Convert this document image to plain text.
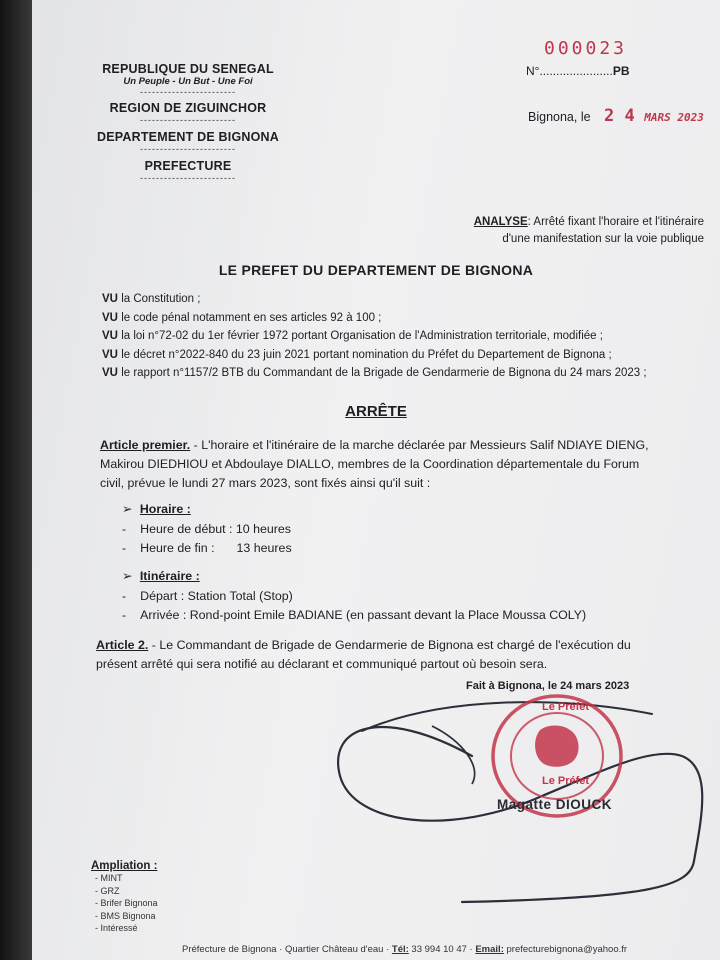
REPUBLIQUE DU SENEGAL
Un Peuple - Un But - Une Foi
------------------------
REGION DE ZIGUINCHOR
------------------------
DEPARTEMENT DE BIGNONA
------------------------
PREFECTURE
------------------------
000023
N°......................PB
Bignona, le 2 4 MARS 2023
ANALYSE: Arrêté fixant l'horaire et l'itinéraire
d'une manifestation sur la voie publique
LE PREFET DU DEPARTEMENT DE BIGNONA
VU la Constitution ;
VU le code pénal notamment en ses articles 92 à 100 ;
VU la loi n°72-02 du 1er février 1972 portant Organisation de l'Administration territoriale, modifiée ;
VU le décret n°2022-840 du 23 juin 2021 portant nomination du Préfet du Departement de Bignona ;
VU le rapport n°1157/2 BTB du Commandant de la Brigade de Gendarmerie de Bignona du 24 mars 2023 ;
ARRÊTE
Article premier. - L'horaire et l'itinéraire de la marche déclarée par Messieurs Salif NDIAYE DIENG,
Makirou DIEDHIOU et Abdoulaye DIALLO, membres de la Coordination départementale du Forum
civil, prévue le lundi 27 mars 2023, sont fixés ainsi qu'il suit :
➢ Horaire :
- Heure de début : 10 heures
- Heure de fin : 13 heures
➢ Itinéraire :
- Départ : Station Total (Stop)
- Arrivée : Rond-point Emile BADIANE (en passant devant la Place Moussa COLY)
Article 2. - Le Commandant de Brigade de Gendarmerie de Bignona est chargé de l'exécution du
présent arrêté qui sera notifié au déclarant et communiqué partout où besoin sera.
Fait à Bignona, le 24 mars 2023
Le Préfet
Le Préfet
Magatte DIOUCK
Ampliation :
- MINT
- GRZ
- Brifer Bignona
- BMS Bignona
- Intéressé
Préfecture de Bignona · Quartier Château d'eau · Tél: 33 994 10 47 · Email: prefecturebignona@yahoo.fr
